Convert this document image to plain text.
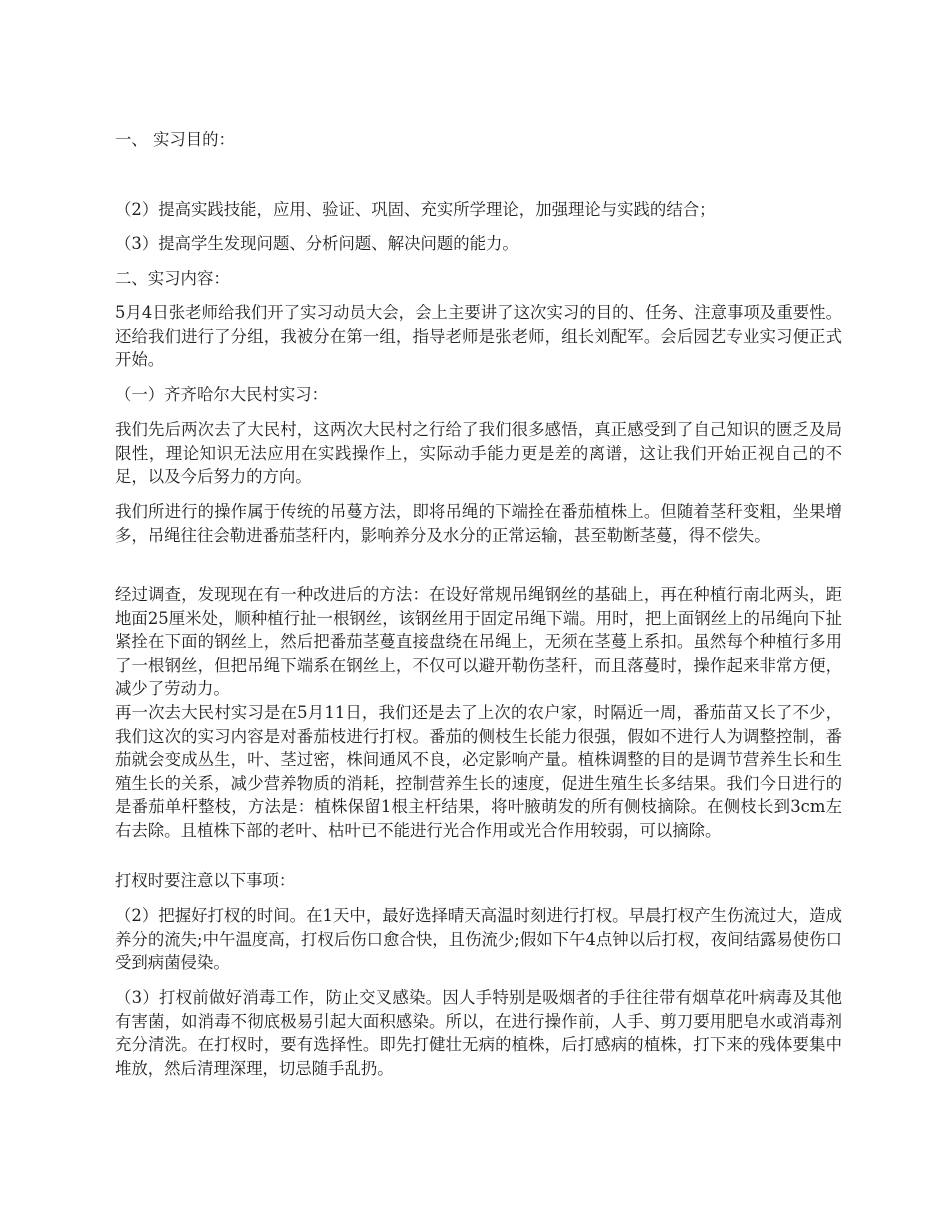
一、 实习目的：

（2）提高实践技能，应用、验证、巩固、充实所学理论，加强理论与实践的结合；

（3）提高学生发现问题、分析问题、解决问题的能力。

二、实习内容：

5月4日张老师给我们开了实习动员大会，会上主要讲了这次实习的目的、任务、注意事项及重要性。还给我们进行了分组，我被分在第一组，指导老师是张老师，组长刘配军。会后园艺专业实习便正式开始。

（一）齐齐哈尔大民村实习：

我们先后两次去了大民村，这两次大民村之行给了我们很多感悟，真正感受到了自己知识的匮乏及局限性，理论知识无法应用在实践操作上，实际动手能力更是差的离谱，这让我们开始正视自己的不足，以及今后努力的方向。

我们所进行的操作属于传统的吊蔓方法，即将吊绳的下端拴在番茄植株上。但随着茎秆变粗，坐果增多，吊绳往往会勒进番茄茎秆内，影响养分及水分的正常运输，甚至勒断茎蔓，得不偿失。

经过调查，发现现在有一种改进后的方法：在设好常规吊绳钢丝的基础上，再在种植行南北两头，距地面25厘米处，顺种植行扯一根钢丝，该钢丝用于固定吊绳下端。用时，把上面钢丝上的吊绳向下扯紧拴在下面的钢丝上，然后把番茄茎蔓直接盘绕在吊绳上，无须在茎蔓上系扣。虽然每个种植行多用了一根钢丝，但把吊绳下端系在钢丝上，不仅可以避开勒伤茎秆，而且落蔓时，操作起来非常方便，减少了劳动力。

再一次去大民村实习是在5月11日，我们还是去了上次的农户家，时隔近一周，番茄苗又长了不少，我们这次的实习内容是对番茄枝进行打杈。番茄的侧枝生长能力很强，假如不进行人为调整控制，番茄就会变成丛生，叶、茎过密，株间通风不良，必定影响产量。植株调整的目的是调节营养生长和生殖生长的关系，减少营养物质的消耗，控制营养生长的速度，促进生殖生长多结果。我们今日进行的是番茄单杆整枝，方法是：植株保留1根主杆结果，将叶腋萌发的所有侧枝摘除。在侧枝长到3cm左右去除。且植株下部的老叶、枯叶已不能进行光合作用或光合作用较弱，可以摘除。

打杈时要注意以下事项：

（2）把握好打杈的时间。在1天中，最好选择晴天高温时刻进行打杈。早晨打杈产生伤流过大，造成养分的流失;中午温度高，打杈后伤口愈合快，且伤流少;假如下午4点钟以后打杈，夜间结露易使伤口受到病菌侵染。

（3）打杈前做好消毒工作，防止交叉感染。因人手特别是吸烟者的手往往带有烟草花叶病毒及其他有害菌，如消毒不彻底极易引起大面积感染。所以，在进行操作前，人手、剪刀要用肥皂水或消毒剂充分清洗。在打杈时，要有选择性。即先打健壮无病的植株，后打感病的植株，打下来的残体要集中堆放，然后清理深理，切忌随手乱扔。
